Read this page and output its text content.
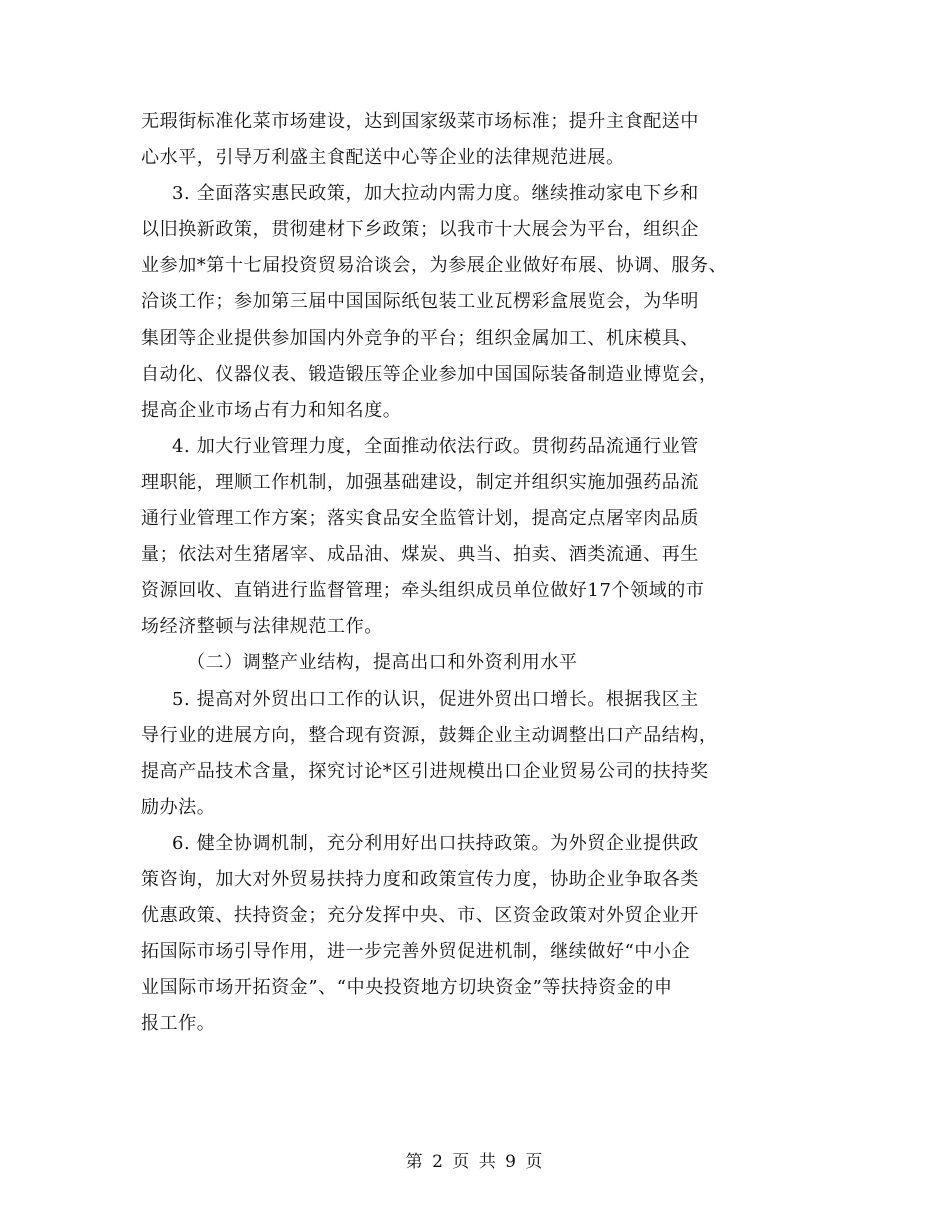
无瑕街标准化菜市场建设，达到国家级菜市场标准；提升主食配送中
心水平，引导万利盛主食配送中心等企业的法律规范进展。
3. 全面落实惠民政策，加大拉动内需力度。继续推动家电下乡和
以旧换新政策，贯彻建材下乡政策；以我市十大展会为平台，组织企
业参加*第十七届投资贸易洽谈会，为参展企业做好布展、协调、服务、
洽谈工作；参加第三届中国国际纸包装工业瓦楞彩盒展览会，为华明
集团等企业提供参加国内外竞争的平台；组织金属加工、机床模具、
自动化、仪器仪表、锻造锻压等企业参加中国国际装备制造业博览会，
提高企业市场占有力和知名度。
4. 加大行业管理力度，全面推动依法行政。贯彻药品流通行业管
理职能，理顺工作机制，加强基础建设，制定并组织实施加强药品流
通行业管理工作方案；落实食品安全监管计划，提高定点屠宰肉品质
量；依法对生猪屠宰、成品油、煤炭、典当、拍卖、酒类流通、再生
资源回收、直销进行监督管理；牵头组织成员单位做好17个领域的市
场经济整顿与法律规范工作。
（二）调整产业结构，提高出口和外资利用水平
5. 提高对外贸出口工作的认识，促进外贸出口增长。根据我区主
导行业的进展方向，整合现有资源，鼓舞企业主动调整出口产品结构，
提高产品技术含量，探究讨论*区引进规模出口企业贸易公司的扶持奖
励办法。
6. 健全协调机制，充分利用好出口扶持政策。为外贸企业提供政
策咨询，加大对外贸易扶持力度和政策宣传力度，协助企业争取各类
优惠政策、扶持资金；充分发挥中央、市、区资金政策对外贸企业开
拓国际市场引导作用，进一步完善外贸促进机制，继续做好“中小企
业国际市场开拓资金”、“中央投资地方切块资金”等扶持资金的申
报工作。
第 2 页 共 9 页
